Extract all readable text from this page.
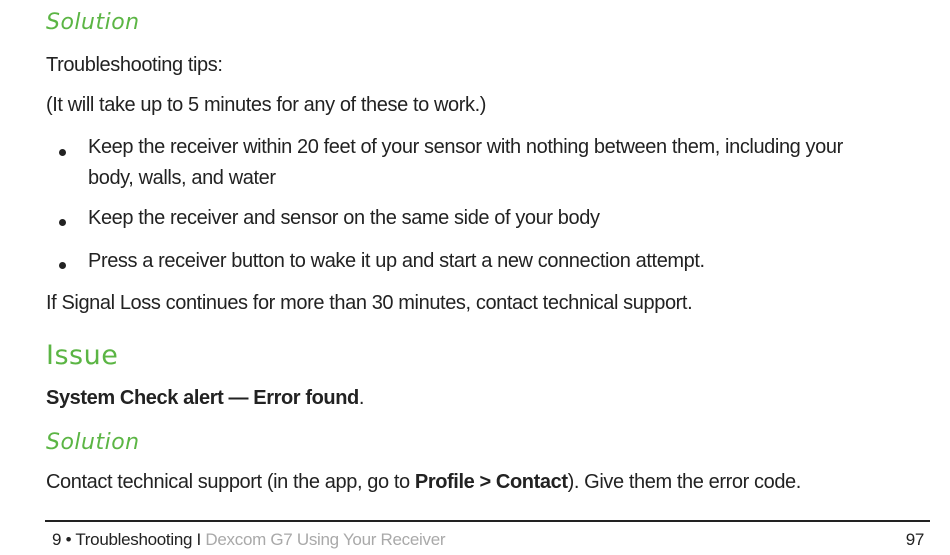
Solution
Troubleshooting tips:
(It will take up to 5 minutes for any of these to work.)
Keep the receiver within 20 feet of your sensor with nothing between them, including your
body, walls, and water
Keep the receiver and sensor on the same side of your body
Press a receiver button to wake it up and start a new connection attempt.
If Signal Loss continues for more than 30 minutes, contact technical support.
Issue
System Check alert — Error found.
Solution
Contact technical support (in the app, go to Profile > Contact). Give them the error code.
9 • Troubleshooting I Dexcom G7 Using Your Receiver	97
